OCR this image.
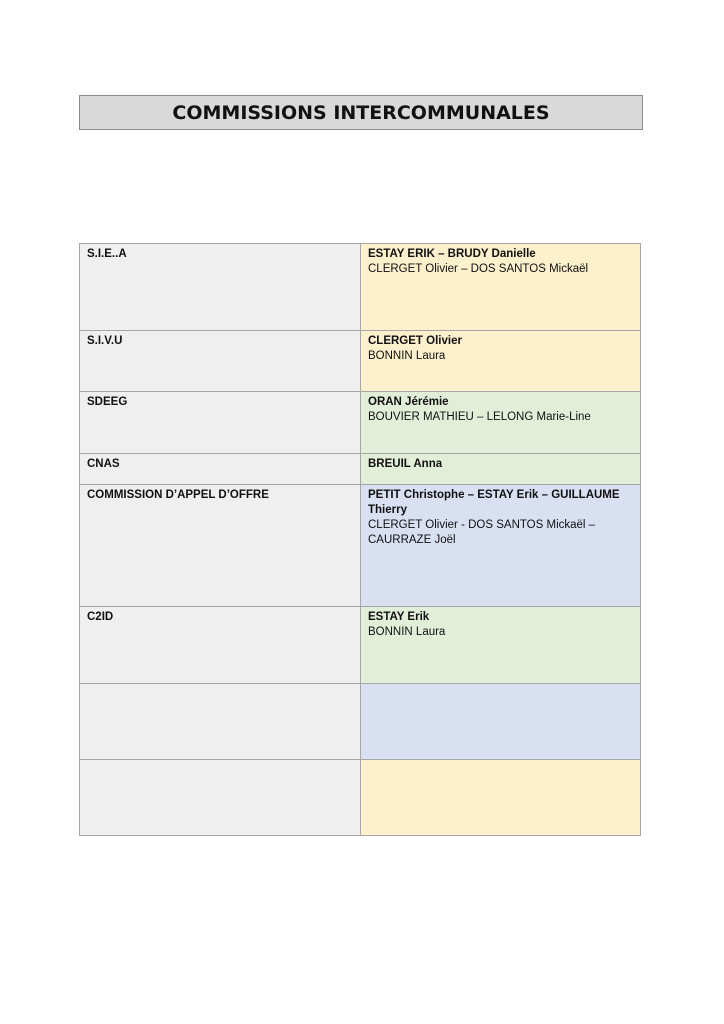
COMMISSIONS INTERCOMMUNALES
S.I.E..A	ESTAY ERIK – BRUDY Danielle
CLERGET Olivier – DOS SANTOS Mickaël

S.I.V.U	CLERGET Olivier
BONNIN Laura

SDEEG	ORAN Jérémie
BOUVIER MATHIEU – LELONG Marie-Line

CNAS	BREUIL Anna

COMMISSION D’APPEL D’OFFRE	PETIT Christophe – ESTAY Erik – GUILLAUME Thierry
CLERGET Olivier - DOS SANTOS Mickaël – CAURRAZE Joël

C2ID	ESTAY Erik
BONNIN Laura
